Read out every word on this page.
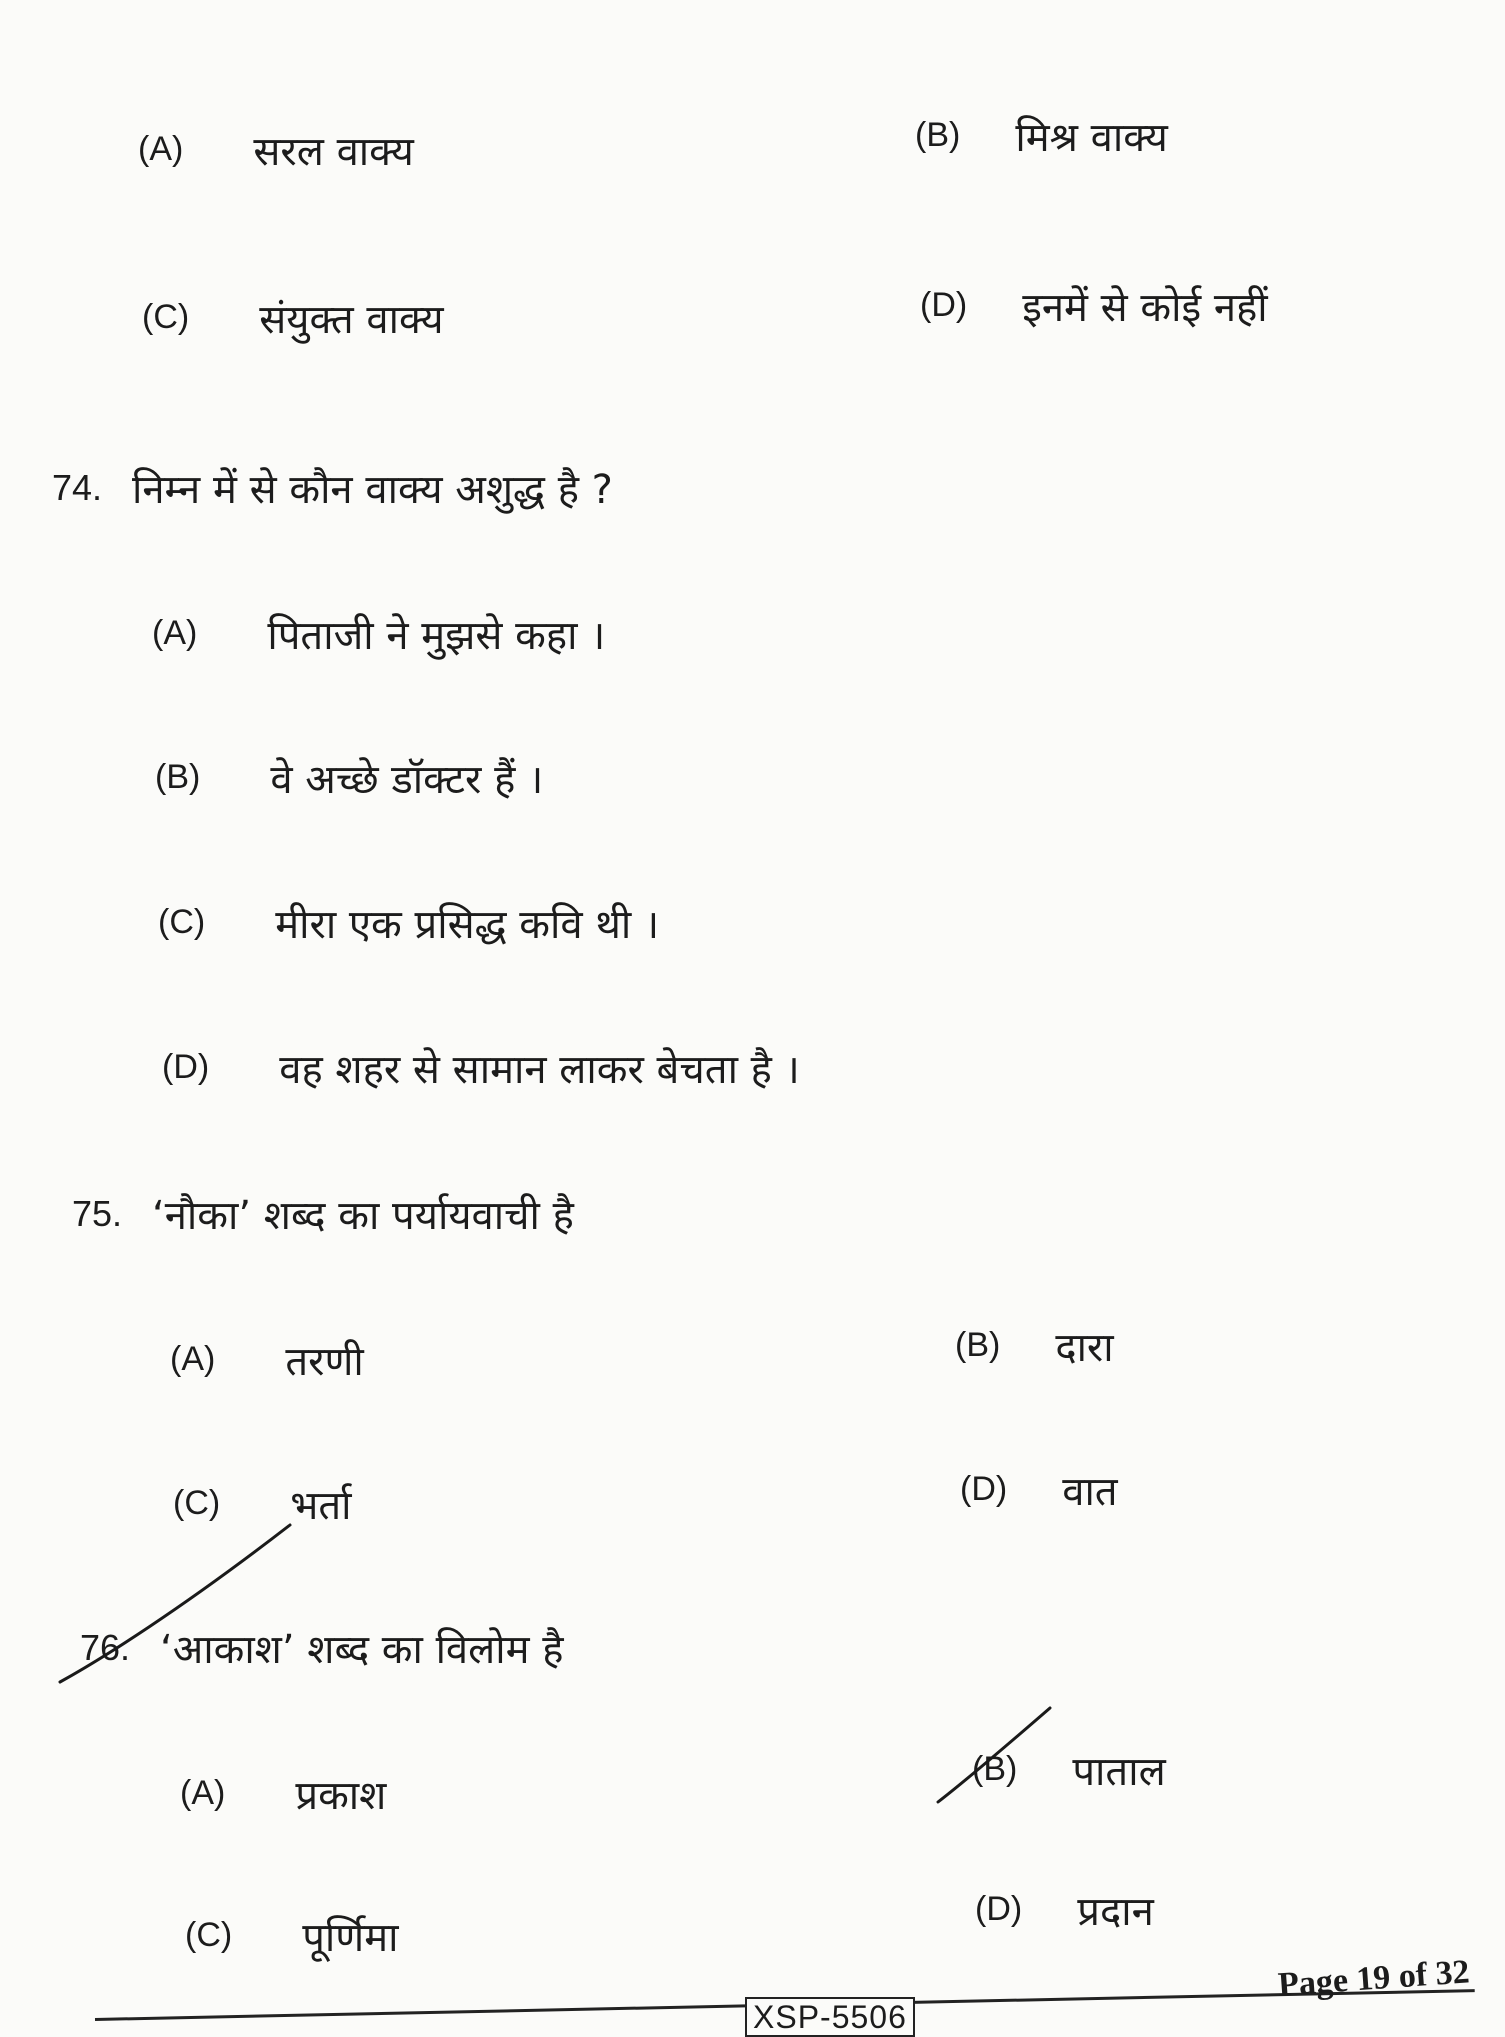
(A) सरल वाक्य	(B) मिश्र वाक्य
(C) संयुक्त वाक्य	(D) इनमें से कोई नहीं
74. निम्न में से कौन वाक्य अशुद्ध है ?
(A) पिताजी ने मुझसे कहा ।
(B) वे अच्छे डॉक्टर हैं ।
(C) मीरा एक प्रसिद्ध कवि थी ।
(D) वह शहर से सामान लाकर बेचता है ।
75. ‘नौका’ शब्द का पर्यायवाची है
(A) तरणी	(B) दारा
(C) भर्ता	(D) वात
76. ‘आकाश’ शब्द का विलोम है
(A) प्रकाश
(B) पाताल
(C) पूर्णिमा
(D) प्रदान
XSP-5506
Page 19 of 32
